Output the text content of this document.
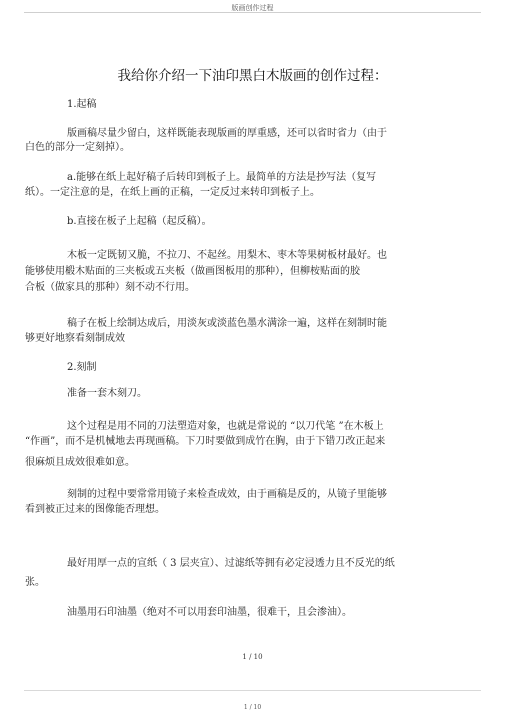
版画创作过程
我给你介绍一下油印黑白木版画的创作过程：
1.起稿
版画稿尽量少留白，这样既能表现版画的厚重感，还可以省时省力（由于
白色的部分一定刻掉）。
a.能够在纸上起好稿子后转印到板子上。最简单的方法是抄写法（复写
纸）。一定注意的是，在纸上画的正稿，一定反过来转印到板子上。
b.直接在板子上起稿（起反稿）。
木板一定既韧又脆，不拉刀、不起丝。用梨木、枣木等果树板材最好。也
能够使用椴木贴面的三夹板或五夹板（做画图板用的那种），但柳桉贴面的胶
合板（做家具的那种）刻不动不行用。
稿子在板上绘制达成后，用淡灰或淡蓝色墨水满涂一遍，这样在刻制时能
够更好地察看刻制成效
2.刻制
准备一套木刻刀。
这个过程是用不同的刀法塑造对象，也就是常说的 “以刀代笔 ”在木板上
“作画”，而不是机械地去再现画稿。下刀时要做到成竹在胸，由于下错刀改正起来
很麻烦且成效很难如意。
刻制的过程中要常常用镜子来检查成效，由于画稿是反的，从镜子里能够
看到被正过来的图像能否理想。
最好用厚一点的宣纸（ 3 层夹宣）、过滤纸等拥有必定浸透力且不反光的纸
张。
油墨用石印油墨（绝对不可以用套印油墨，很难干，且会渗油）。
1 / 10
1 / 10
